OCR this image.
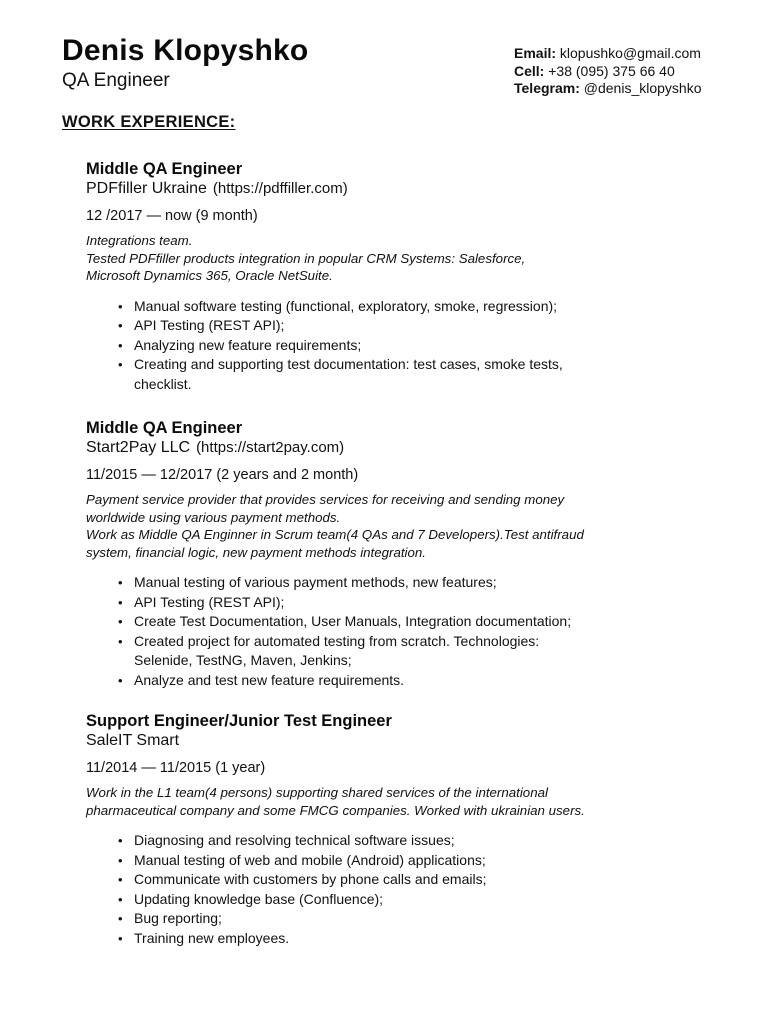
Denis Klopyshko
QA Engineer
Email: klopushko@gmail.com
Cell: +38 (095) 375 66 40
Telegram: @denis_klopyshko
WORK EXPERIENCE:
Middle QA Engineer
PDFfiller Ukraine (https://pdffiller.com)
12 /2017 — now (9 month)
Integrations team.
Tested PDFfiller products integration in popular CRM Systems: Salesforce,
Microsoft Dynamics 365, Oracle NetSuite.
• Manual software testing (functional, exploratory, smoke, regression);
• API Testing (REST API);
• Analyzing new feature requirements;
• Creating and supporting test documentation: test cases, smoke tests, checklist.
Middle QA Engineer
Start2Pay LLC (https://start2pay.com)
11/2015 — 12/2017 (2 years and 2 month)
Payment service provider that provides services for receiving and sending money
worldwide using various payment methods.
Work as Middle QA Enginner in Scrum team(4 QAs and 7 Developers).Test antifraud
system, financial logic, new payment methods integration.
• Manual testing of various payment methods, new features;
• API Testing (REST API);
• Create Test Documentation, User Manuals, Integration documentation;
• Created project for automated testing from scratch. Technologies: Selenide, TestNG, Maven, Jenkins;
• Analyze and test new feature requirements.
Support Engineer/Junior Test Engineer
SaleIT Smart
11/2014 — 11/2015 (1 year)
Work in the L1 team(4 persons) supporting shared services of the international
pharmaceutical company and some FMCG companies. Worked with ukrainian users.
• Diagnosing and resolving technical software issues;
• Manual testing of web and mobile (Android) applications;
• Communicate with customers by phone calls and emails;
• Updating knowledge base (Confluence);
• Bug reporting;
• Training new employees.
